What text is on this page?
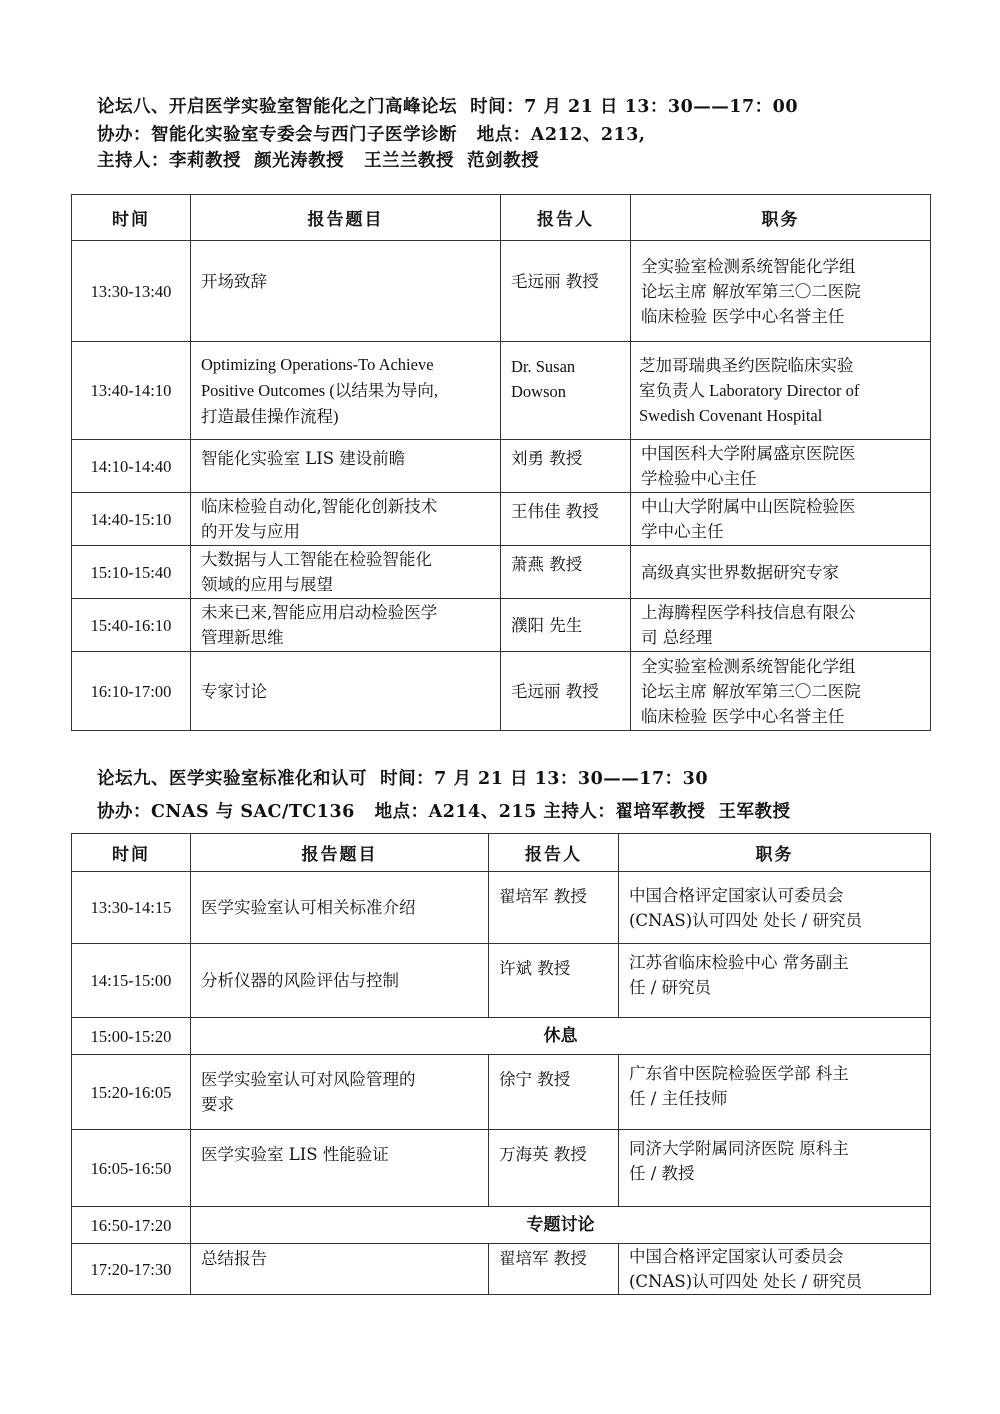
论坛八、开启医学实验室智能化之门高峰论坛  时间：7 月 21 日 13：30——17：00
协办：智能化实验室专委会与西门子医学诊断   地点：A212、213,
主持人：李莉教授  颜光涛教授   王兰兰教授  范剑教授
时间	报告题目	报告人	职务
13:30-13:40	开场致辞	毛远丽 教授	全实验室检测系统智能化学组
论坛主席 解放军第三〇二医院
临床检验 医学中心名誉主任
13:40-14:10	Optimizing Operations-To Achieve
Positive Outcomes (以结果为导向,
打造最佳操作流程)	Dr. Susan
Dowson	芝加哥瑞典圣约医院临床实验
室负责人 Laboratory Director of
Swedish Covenant Hospital
14:10-14:40	智能化实验室 LIS 建设前瞻	刘勇 教授	中国医科大学附属盛京医院医
学检验中心主任
14:40-15:10	临床检验自动化,智能化创新技术
的开发与应用	王伟佳 教授	中山大学附属中山医院检验医
学中心主任
15:10-15:40	大数据与人工智能在检验智能化
领域的应用与展望	萧燕 教授	高级真实世界数据研究专家
15:40-16:10	未来已来,智能应用启动检验医学
管理新思维	濮阳 先生	上海腾程医学科技信息有限公
司 总经理
16:10-17:00	专家讨论	毛远丽 教授	全实验室检测系统智能化学组
论坛主席 解放军第三〇二医院
临床检验 医学中心名誉主任
论坛九、医学实验室标准化和认可  时间：7 月 21 日 13：30——17：30
协办：CNAS 与 SAC/TC136   地点：A214、215 主持人：翟培军教授  王军教授
时间	报告题目	报告人	职务
13:30-14:15	医学实验室认可相关标准介绍	翟培军 教授	中国合格评定国家认可委员会
(CNAS)认可四处 处长 / 研究员
14:15-15:00	分析仪器的风险评估与控制	许斌 教授	江苏省临床检验中心 常务副主
任 / 研究员
15:00-15:20	休息		
15:20-16:05	医学实验室认可对风险管理的
要求	徐宁 教授	广东省中医院检验医学部 科主
任 / 主任技师
16:05-16:50	医学实验室 LIS 性能验证	万海英 教授	同济大学附属同济医院 原科主
任 / 教授
16:50-17:20	专题讨论		
17:20-17:30	总结报告	翟培军 教授	中国合格评定国家认可委员会
(CNAS)认可四处 处长 / 研究员
